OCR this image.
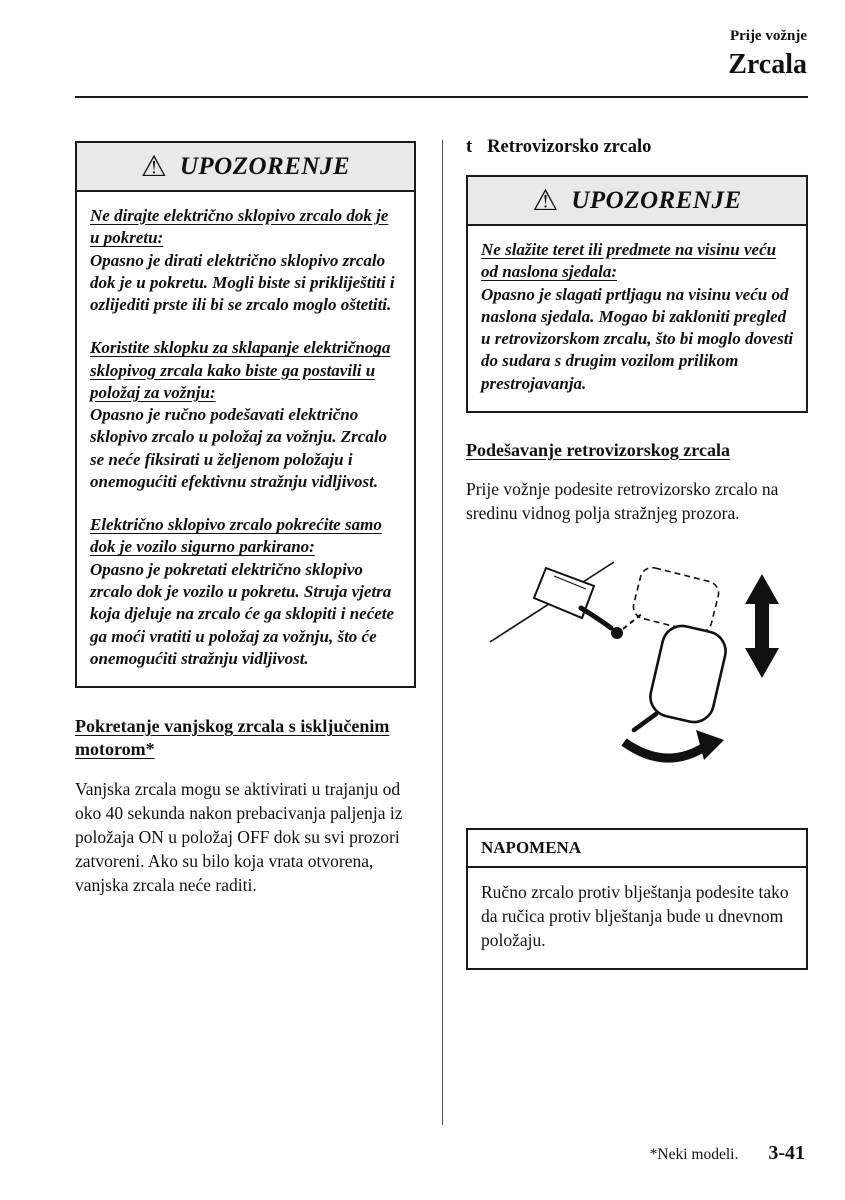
Prije vožnje
Zrcala
⚠ UPOZORENJE
Ne dirajte električno sklopivo zrcalo dok je u pokretu:
Opasno je dirati električno sklopivo zrcalo dok je u pokretu. Mogli biste si prikliještiti i ozlijediti prste ili bi se zrcalo moglo oštetiti.
Koristite sklopku za sklapanje električnoga sklopivog zrcala kako biste ga postavili u položaj za vožnju:
Opasno je ručno podešavati električno sklopivo zrcalo u položaj za vožnju. Zrcalo se neće fiksirati u željenom položaju i onemogućiti efektivnu stražnju vidljivost.
Električno sklopivo zrcalo pokrećite samo dok je vozilo sigurno parkirano:
Opasno je pokretati električno sklopivo zrcalo dok je vozilo u pokretu. Struja vjetra koja djeluje na zrcalo će ga sklopiti i nećete ga moći vratiti u položaj za vožnju, što će onemogućiti stražnju vidljivost.
Pokretanje vanjskog zrcala s isključenim motorom*

Vanjska zrcala mogu se aktivirati u trajanju od oko 40 sekunda nakon prebacivanja paljenja iz položaja ON u položaj OFF dok su svi prozori zatvoreni. Ako su bilo koja vrata otvorena, vanjska zrcala neće raditi.

t Retrovizorsko zrcalo
⚠ UPOZORENJE
Ne slažite teret ili predmete na visinu veću od naslona sjedala:
Opasno je slagati prtljagu na visinu veću od naslona sjedala. Mogao bi zakloniti pregled u retrovizorskom zrcalu, što bi moglo dovesti do sudara s drugim vozilom prilikom prestrojavanja.
Podešavanje retrovizorskog zrcala

Prije vožnje podesite retrovizorsko zrcalo na sredinu vidnog polja stražnjeg prozora.

NAPOMENA

Ručno zrcalo protiv blještanja podesite tako da ručica protiv blještanja bude u dnevnom položaju.

*Neki modeli. 3-41
